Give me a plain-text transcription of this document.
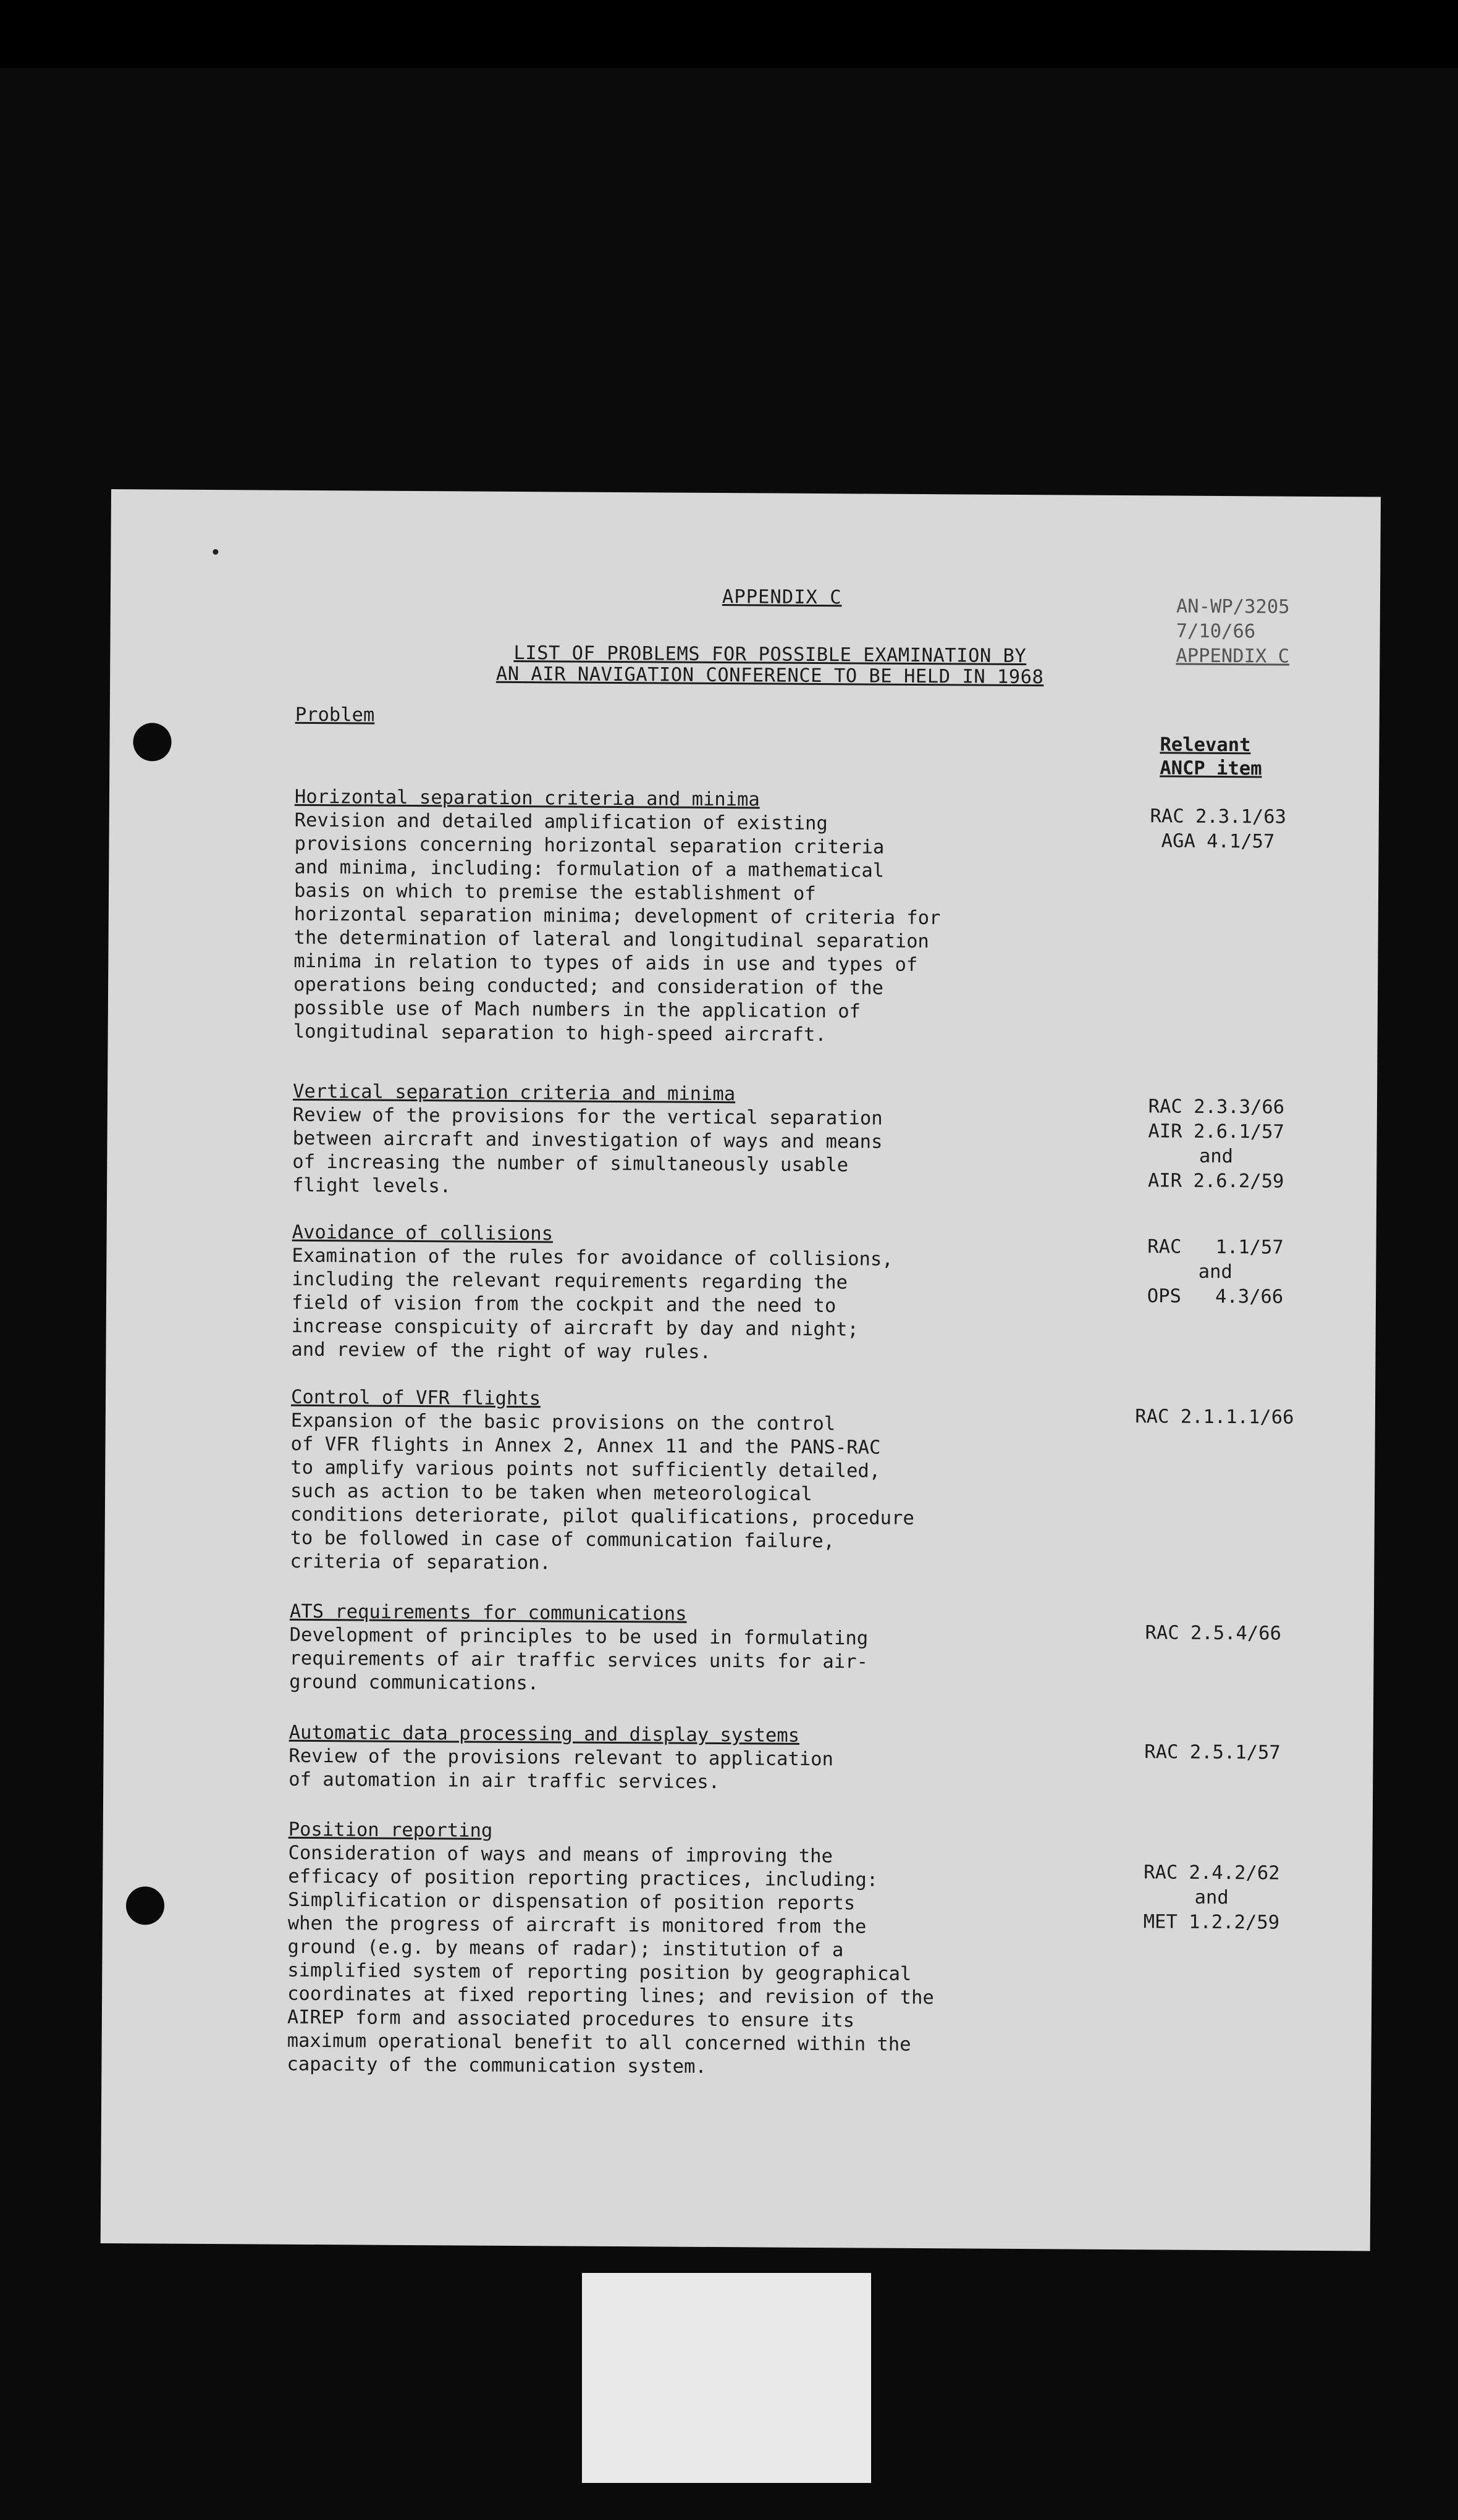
APPENDIX C	AN-WP/3205
7/10/66
APPENDIX C
LIST OF PROBLEMS FOR POSSIBLE EXAMINATION BY
AN AIR NAVIGATION CONFERENCE TO BE HELD IN 1968
Problem
Relevant
ANCP item
Horizontal separation criteria and minima
Revision and detailed amplification of existing
provisions concerning horizontal separation criteria
and minima, including: formulation of a mathematical
basis on which to premise the establishment of
horizontal separation minima; development of criteria for
the determination of lateral and longitudinal separation
minima in relation to types of aids in use and types of
operations being conducted; and consideration of the
possible use of Mach numbers in the application of
longitudinal separation to high-speed aircraft.
RAC 2.3.1/63
AGA 4.1/57
Vertical separation criteria and minima
Review of the provisions for the vertical separation
between aircraft and investigation of ways and means
of increasing the number of simultaneously usable
flight levels.
RAC 2.3.3/66
AIR 2.6.1/57
and
AIR 2.6.2/59
Avoidance of collisions
Examination of the rules for avoidance of collisions,
including the relevant requirements regarding the
field of vision from the cockpit and the need to
increase conspicuity of aircraft by day and night;
and review of the right of way rules.
RAC   1.1/57
and
OPS   4.3/66
Control of VFR flights
Expansion of the basic provisions on the control
of VFR flights in Annex 2, Annex 11 and the PANS-RAC
to amplify various points not sufficiently detailed,
such as action to be taken when meteorological
conditions deteriorate, pilot qualifications, procedure
to be followed in case of communication failure,
criteria of separation.
RAC 2.1.1.1/66
ATS requirements for communications
Development of principles to be used in formulating
requirements of air traffic services units for air-
ground communications.
RAC 2.5.4/66
Automatic data processing and display systems
Review of the provisions relevant to application
of automation in air traffic services.
RAC 2.5.1/57
Position reporting
Consideration of ways and means of improving the
efficacy of position reporting practices, including:
Simplification or dispensation of position reports
when the progress of aircraft is monitored from the
ground (e.g. by means of radar); institution of a
simplified system of reporting position by geographical
coordinates at fixed reporting lines; and revision of the
AIREP form and associated procedures to ensure its
maximum operational benefit to all concerned within the
capacity of the communication system.
RAC 2.4.2/62
and
MET 1.2.2/59
